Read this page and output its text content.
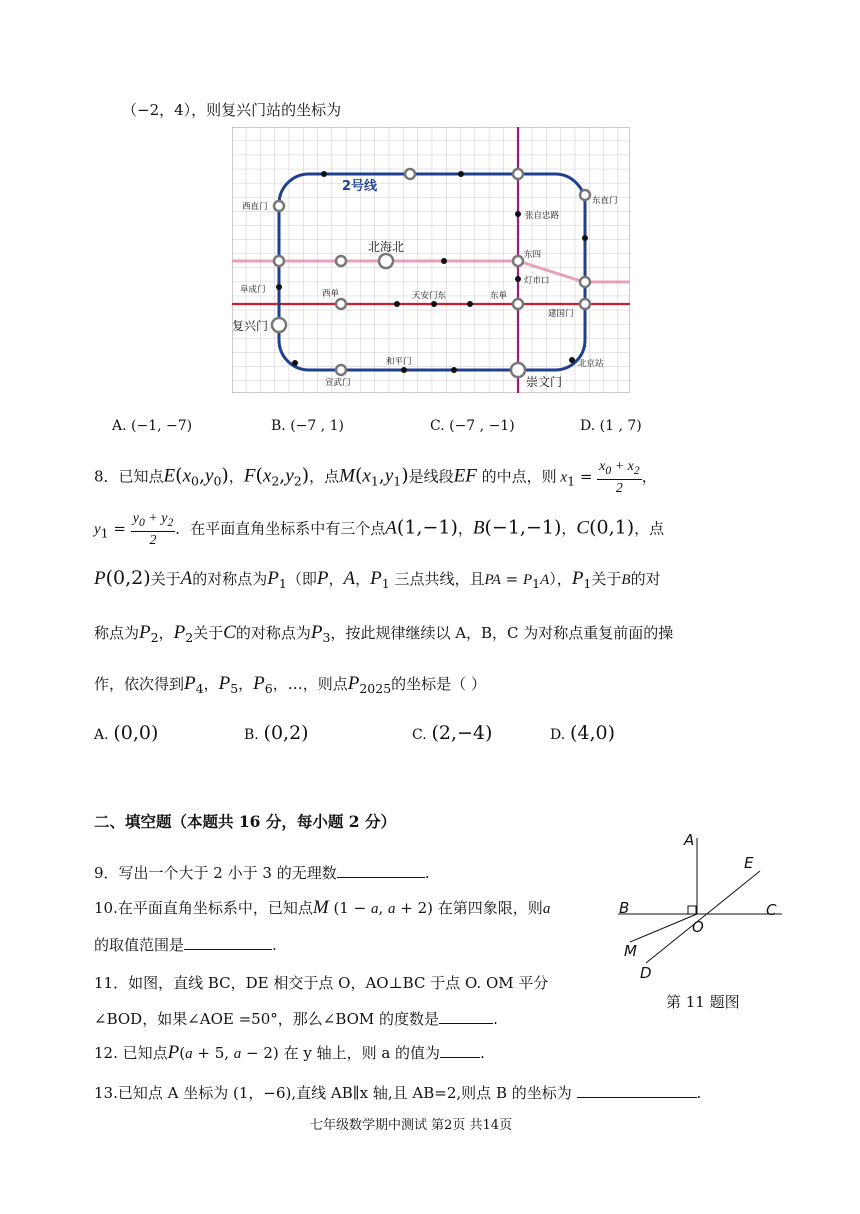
（−2，4），则复兴门站的坐标为
2号线
西直门
东直门
张自忠路
东四
灯市口
阜成门	西单	天安门东	东单
建国门
和平门	北京站
宣武门
北海北
复兴门
崇文门
A. (−1, −7)	B. (−7 , 1)	C. (−7 , −1)	D. (1 , 7)
8．已知点$E(x_0,y_0)$，$F(x_2,y_2)$，点$M(x_1,y_1)$是线段EF 的中点，则 $x_1 = \frac{x_0 + x_2}{2}$ ，
$y_1 = \frac{y_0 + y_2}{2}$ ．在平面直角坐标系中有三个点A(1,−1)，B(−1,−1)，C(0,1)，点
P(0,2)关于A的对称点为$P_1$（即P，A，$P_1$ 三点共线，且PA = $P_1A$），$P_1$关于B的对
称点为$P_2$，$P_2$关于C的对称点为$P_3$，按此规律继续以 A，B，C 为对称点重复前面的操
作，依次得到$P_4$，$P_5$，$P_6$，…，则点$P_{2025}$的坐标是（ ）
A. (0,0)	B. (0,2)	C. (2,−4)	D. (4,0)
二、填空题（本题共 16 分，每小题 2 分）
9．写出一个大于 2 小于 3 的无理数	.
10.在平面直角坐标系中，已知点M (1 − a, a + 2) 在第四象限，则a
的取值范围是	.
11．如图，直线 BC，DE 相交于点 O，AO⊥BC 于点 O. OM 平分
∠BOD，如果∠AOE =50°，那么∠BOM 的度数是	.
A
E
B	C
O
M
D
第 11 题图
12. 已知点P(a + 5, a − 2) 在 y 轴上，则 a 的值为	.
13.已知点 A 坐标为 (1，−6),直线 AB∥x 轴,且 AB=2,则点 B 的坐标为	.
七年级数学期中测试 第2页 共14页
